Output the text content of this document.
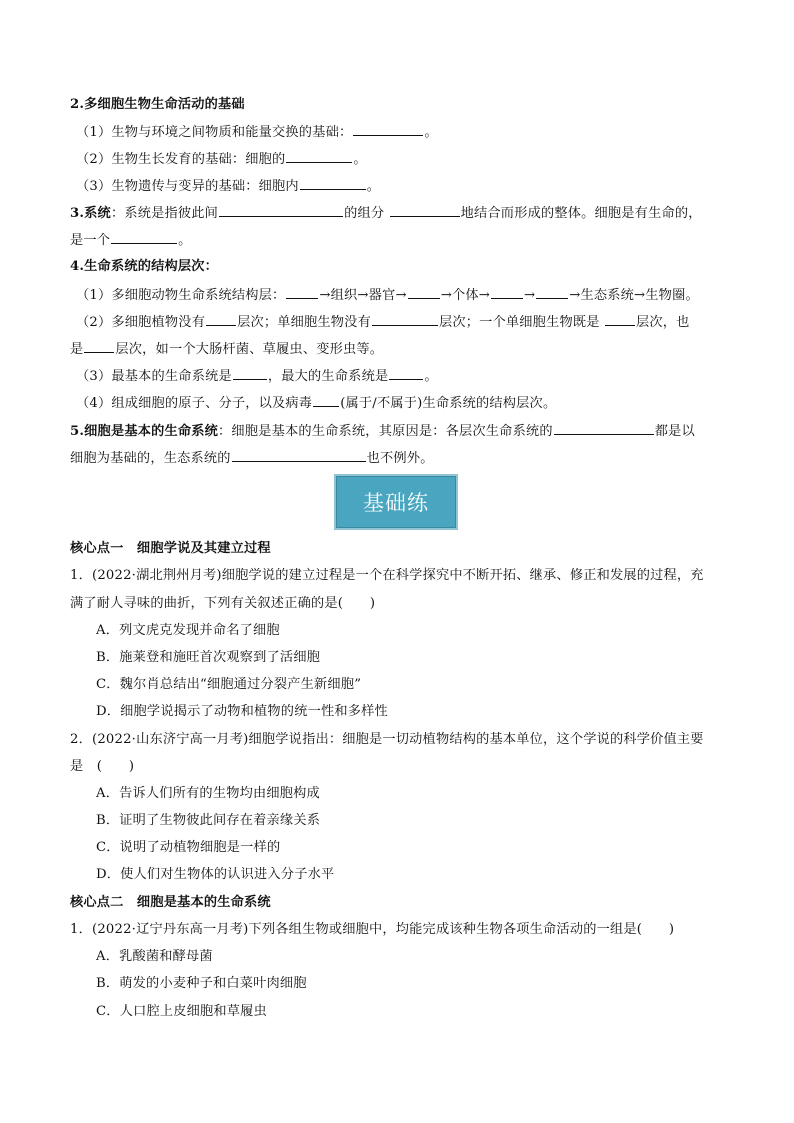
2.多细胞生物生命活动的基础
（1）生物与环境之间物质和能量交换的基础：	。
（2）生物生长发育的基础：细胞的	。
（3）生物遗传与变异的基础：细胞内	。
3.系统：系统是指彼此间	的组分	地结合而形成的整体。细胞是有生命的，
是一个	。
4.生命系统的结构层次：
（1）多细胞动物生命系统结构层：	→组织→器官→	→个体→	→	→生态系统→生物圈。
（2）多细胞植物没有 层次；单细胞生物没有	层次；一个单细胞生物既是	层次，也
是 层次，如一个大肠杆菌、草履虫、变形虫等。
（3）最基本的生命系统是	，最大的生命系统是	。
（4）组成细胞的原子、分子，以及病毒 (属于/不属于)生命系统的结构层次。
5.细胞是基本的生命系统：细胞是基本的生命系统，其原因是：各层次生命系统的	都是以
细胞为基础的，生态系统的	也不例外。
基础练
核心点一　细胞学说及其建立过程
1．(2022·湖北荆州月考)细胞学说的建立过程是一个在科学探究中不断开拓、继承、修正和发展的过程，充
满了耐人寻味的曲折，下列有关叙述正确的是(　　)
A．列文虎克发现并命名了细胞
B．施莱登和施旺首次观察到了活细胞
C．魏尔肖总结出“细胞通过分裂产生新细胞”
D．细胞学说揭示了动物和植物的统一性和多样性
2．(2022·山东济宁高一月考)细胞学说指出：细胞是一切动植物结构的基本单位，这个学说的科学价值主要
是　(　　)
A．告诉人们所有的生物均由细胞构成
B．证明了生物彼此间存在着亲缘关系
C．说明了动植物细胞是一样的
D．使人们对生物体的认识进入分子水平
核心点二　细胞是基本的生命系统
1．(2022·辽宁丹东高一月考)下列各组生物或细胞中，均能完成该种生物各项生命活动的一组是(　　)
A．乳酸菌和酵母菌
B．萌发的小麦种子和白菜叶肉细胞
C．人口腔上皮细胞和草履虫
